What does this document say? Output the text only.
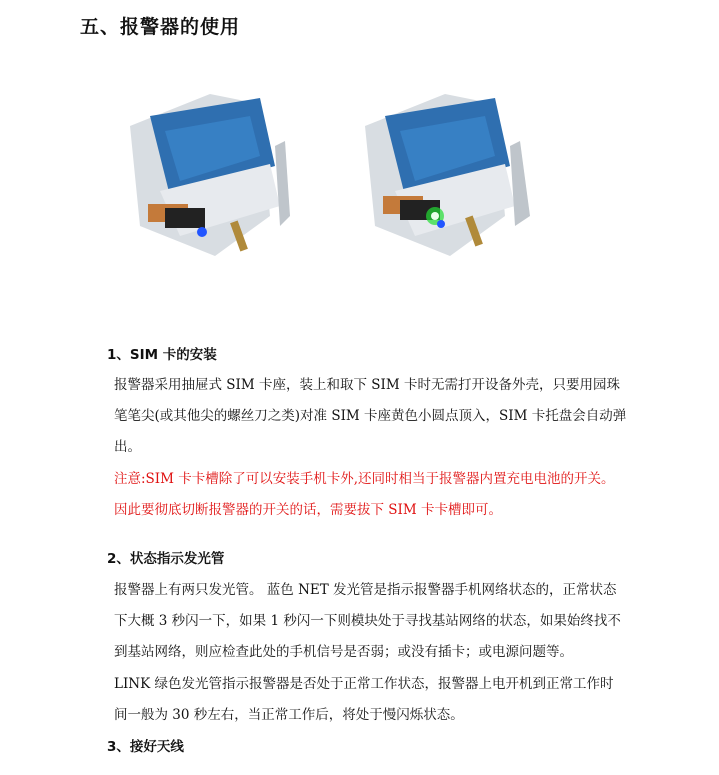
五、报警器的使用
1、SIM 卡的安装
报警器采用抽屉式 SIM 卡座，装上和取下 SIM 卡时无需打开设备外壳，只要用园珠
笔笔尖(或其他尖的螺丝刀之类)对准 SIM 卡座黄色小圆点顶入，SIM 卡托盘会自动弹
出。
注意:SIM 卡卡槽除了可以安装手机卡外,还同时相当于报警器内置充电电池的开关。
因此要彻底切断报警器的开关的话，需要拔下 SIM 卡卡槽即可。
2、状态指示发光管
报警器上有两只发光管。 蓝色 NET 发光管是指示报警器手机网络状态的，正常状态
下大概 3 秒闪一下，如果 1 秒闪一下则模块处于寻找基站网络的状态，如果始终找不
到基站网络，则应检查此处的手机信号是否弱；或没有插卡；或电源问题等。
LINK 绿色发光管指示报警器是否处于正常工作状态，报警器上电开机到正常工作时
间一般为 30 秒左右，当正常工作后，将处于慢闪烁状态。
3、接好天线
